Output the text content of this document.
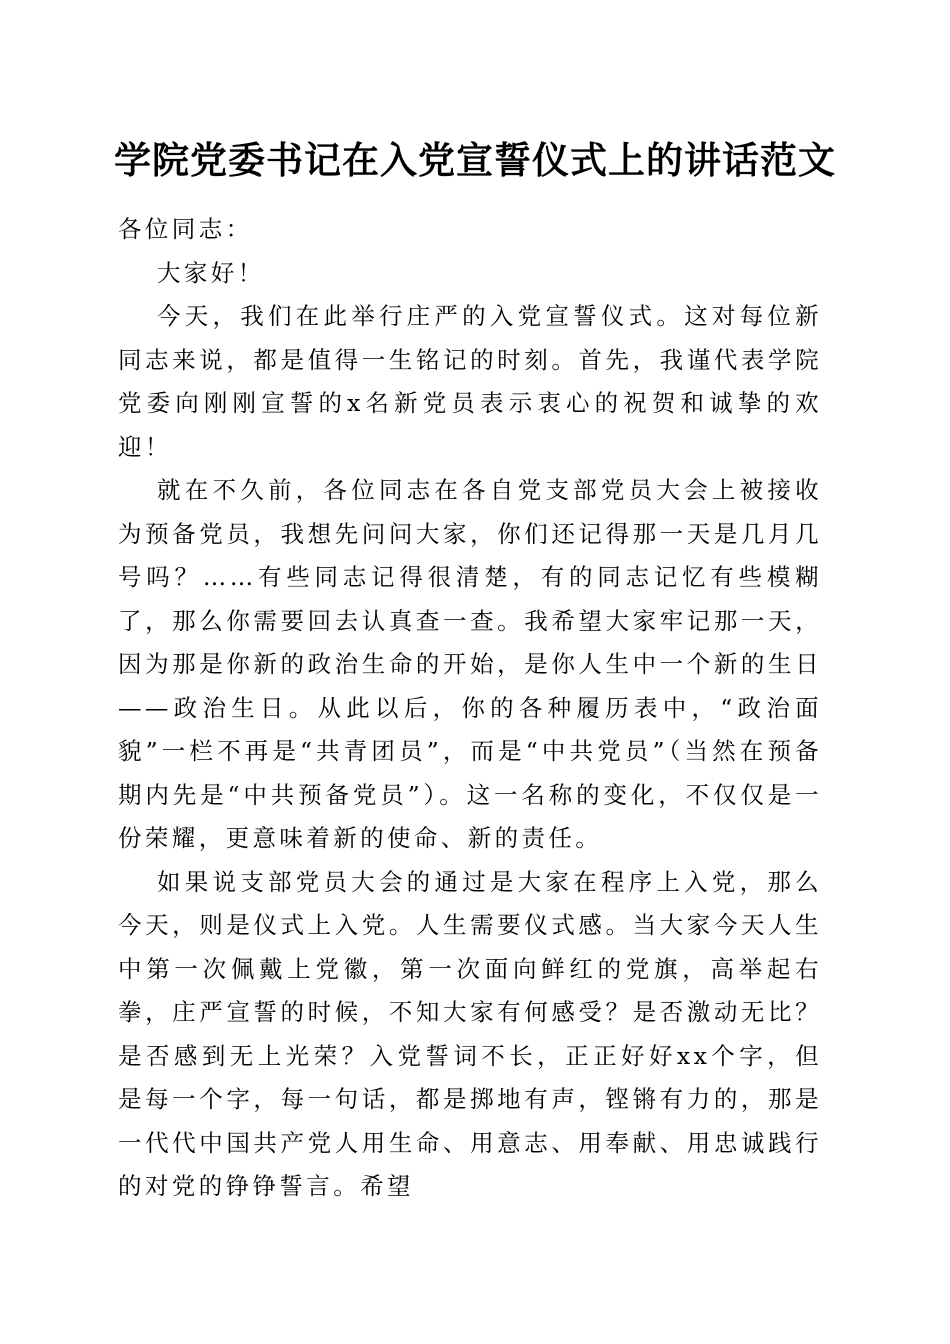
学院党委书记在入党宣誓仪式上的讲话范文

各位同志：

大家好！

今天，我们在此举行庄严的入党宣誓仪式。这对每位新同志来说，都是值得一生铭记的时刻。首先，我谨代表学院党委向刚刚宣誓的x名新党员表示衷心的祝贺和诚挚的欢迎！

就在不久前，各位同志在各自党支部党员大会上被接收为预备党员，我想先问问大家，你们还记得那一天是几月几号吗？……有些同志记得很清楚，有的同志记忆有些模糊了，那么你需要回去认真查一查。我希望大家牢记那一天，因为那是你新的政治生命的开始，是你人生中一个新的生日——政治生日。从此以后，你的各种履历表中，“政治面貌”一栏不再是“共青团员”，而是“中共党员”（当然在预备期内先是“中共预备党员”）。这一名称的变化，不仅仅是一份荣耀，更意味着新的使命、新的责任。

如果说支部党员大会的通过是大家在程序上入党，那么今天，则是仪式上入党。人生需要仪式感。当大家今天人生中第一次佩戴上党徽，第一次面向鲜红的党旗，高举起右拳，庄严宣誓的时候，不知大家有何感受？是否激动无比？是否感到无上光荣？入党誓词不长，正正好好xx个字，但是每一个字，每一句话，都是掷地有声，铿锵有力的，那是一代代中国共产党人用生命、用意志、用奉献、用忠诚践行的对党的铮铮誓言。希望
